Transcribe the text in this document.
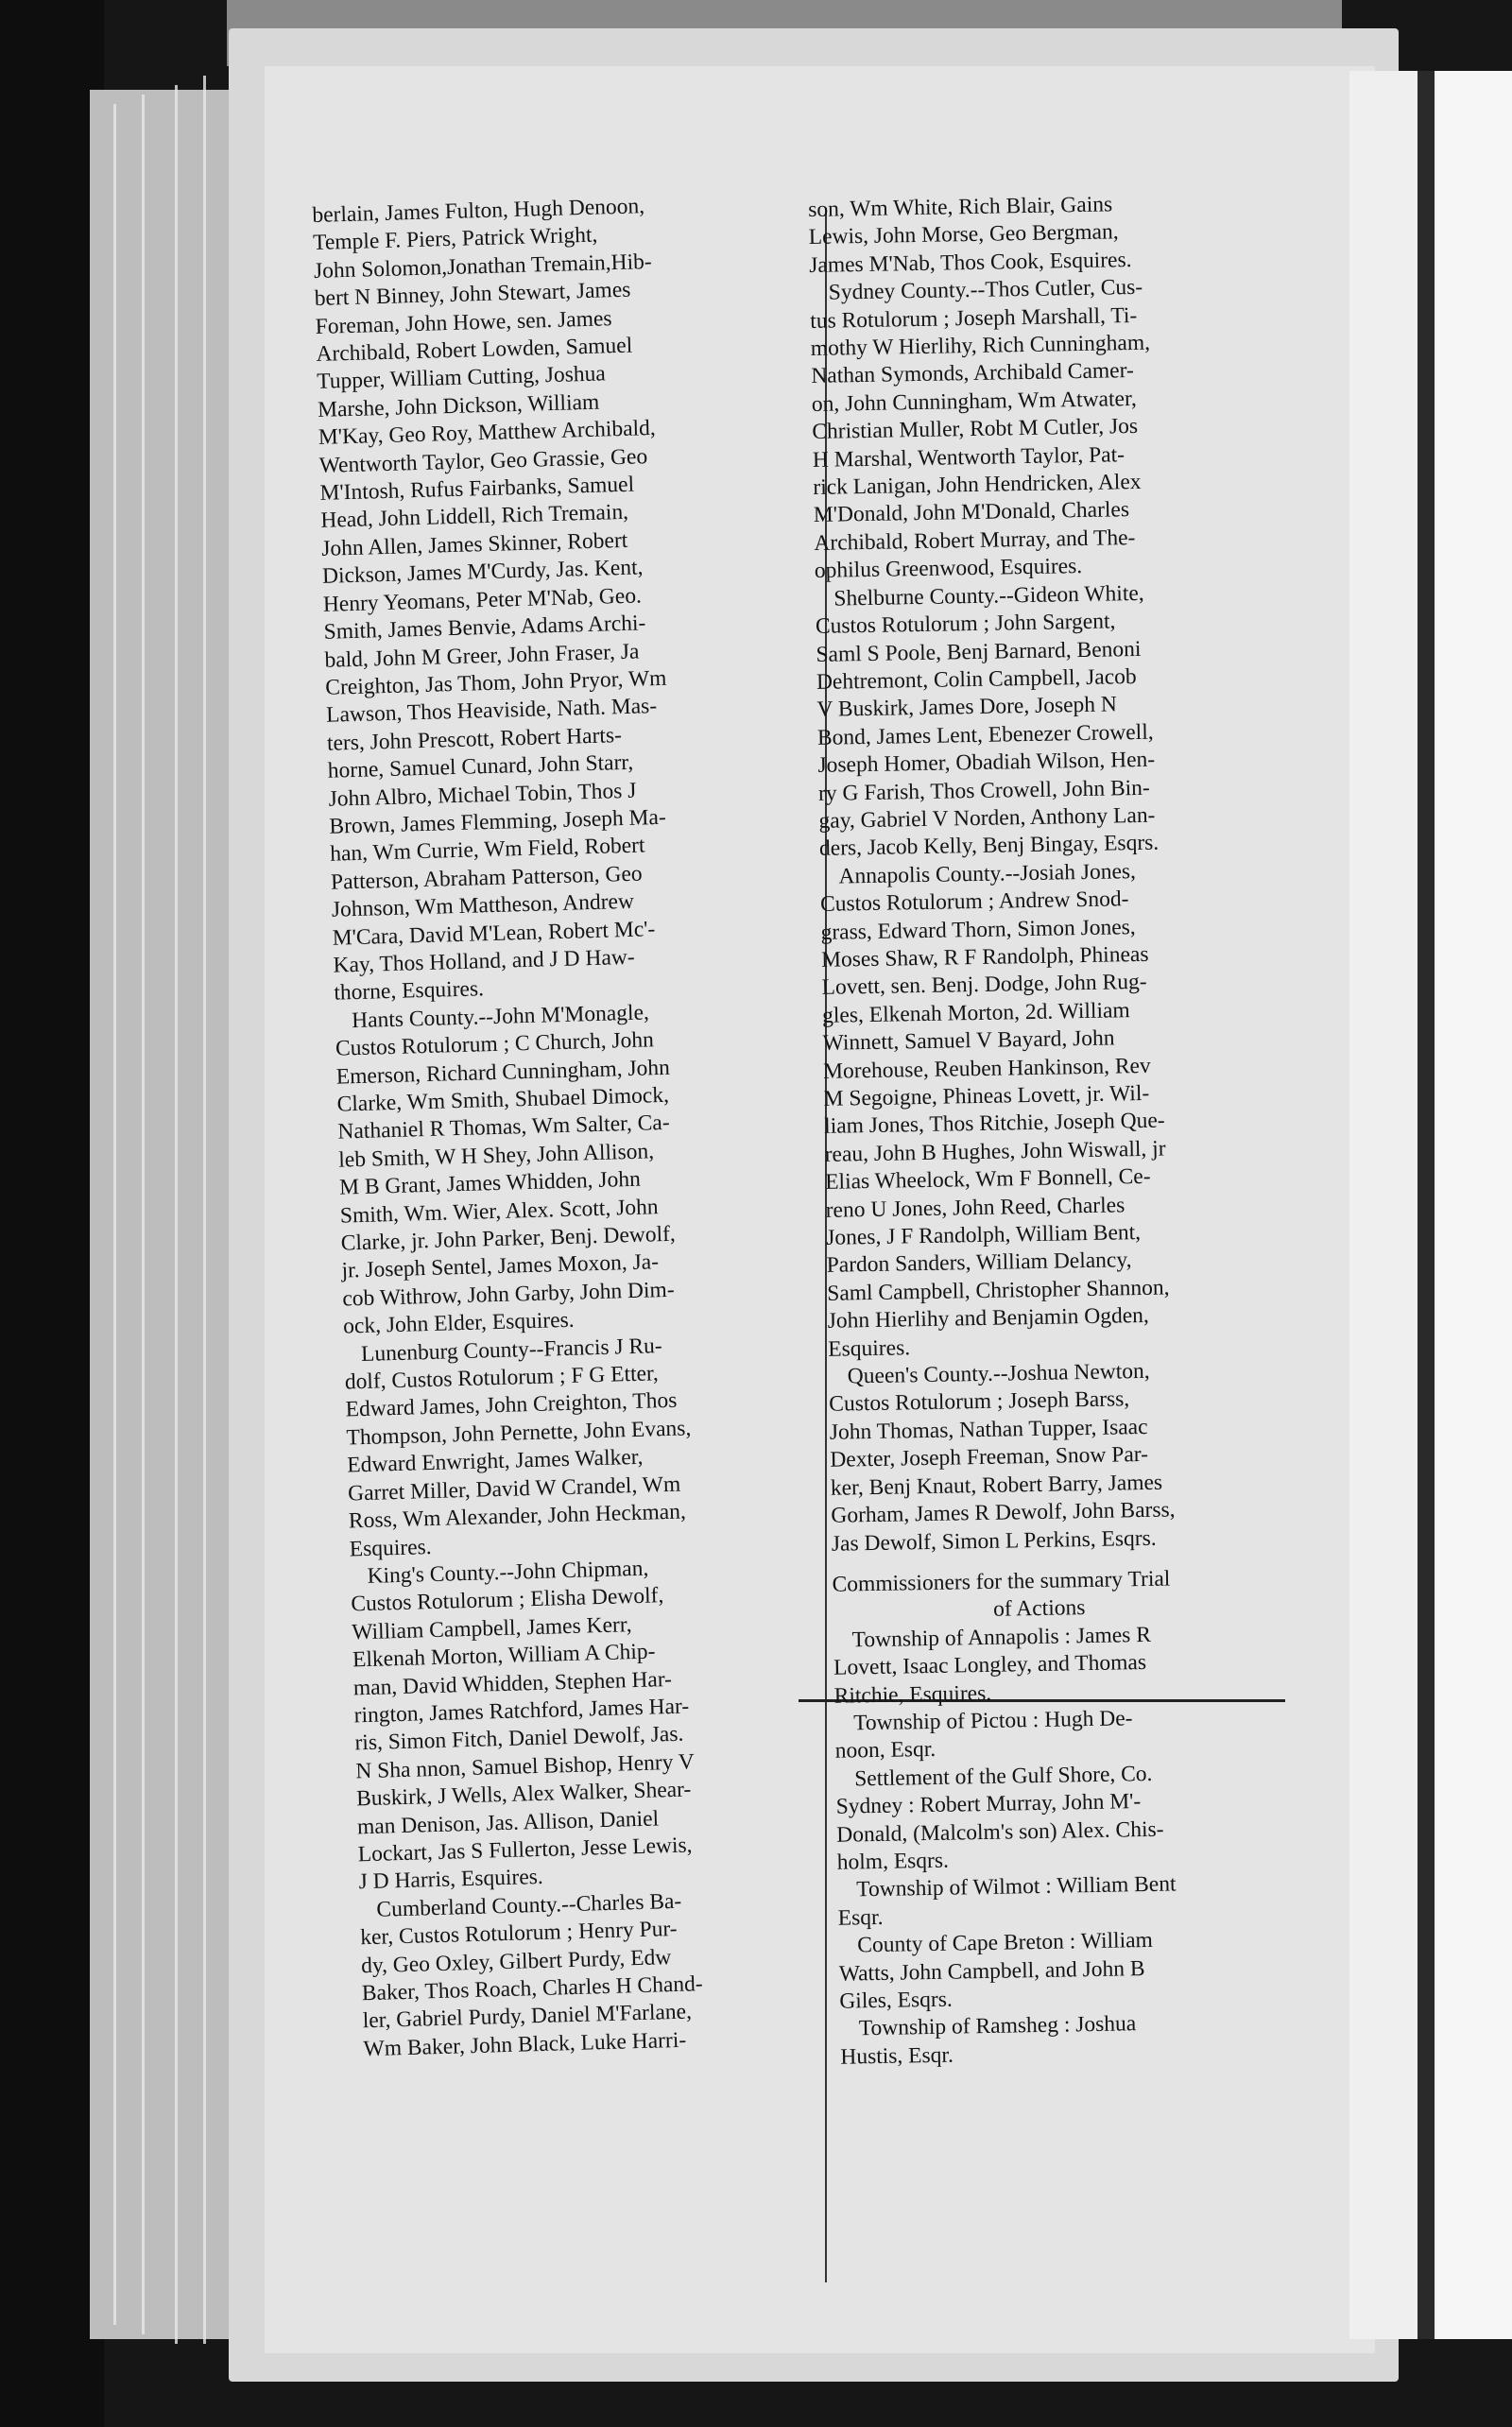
berlain, James Fulton, Hugh Denoon,
Temple F. Piers, Patrick Wright,
John Solomon,Jonathan Tremain,Hib-
bert N Binney, John Stewart, James
Foreman, John Howe, sen. James
Archibald, Robert Lowden, Samuel
Tupper, William Cutting, Joshua
Marshe, John Dickson, William
M'Kay, Geo Roy, Matthew Archibald,
Wentworth Taylor, Geo Grassie, Geo
M'Intosh, Rufus Fairbanks, Samuel
Head, John Liddell, Rich Tremain,
John Allen, James Skinner, Robert
Dickson, James M'Curdy, Jas. Kent,
Henry Yeomans, Peter M'Nab, Geo.
Smith, James Benvie, Adams Archi-
bald, John M Greer, John Fraser, Ja
Creighton, Jas Thom, John Pryor, Wm
Lawson, Thos Heaviside, Nath. Mas-
ters, John Prescott, Robert Harts-
horne, Samuel Cunard, John Starr,
John Albro, Michael Tobin, Thos J
Brown, James Flemming, Joseph Ma-
han, Wm Currie, Wm Field, Robert
Patterson, Abraham Patterson, Geo
Johnson, Wm Mattheson, Andrew
M'Cara, David M'Lean, Robert Mc'-
Kay, Thos Holland, and J D Haw-
thorne, Esquires.
Hants County.--John M'Monagle,
Custos Rotulorum ; C Church, John
Emerson, Richard Cunningham, John
Clarke, Wm Smith, Shubael Dimock,
Nathaniel R Thomas, Wm Salter, Ca-
leb Smith, W H Shey, John Allison,
M B Grant, James Whidden, John
Smith, Wm. Wier, Alex. Scott, John
Clarke, jr. John Parker, Benj. Dewolf,
jr. Joseph Sentel, James Moxon, Ja-
cob Withrow, John Garby, John Dim-
ock, John Elder, Esquires.
Lunenburg County--Francis J Ru-
dolf, Custos Rotulorum ; F G Etter,
Edward James, John Creighton, Thos
Thompson, John Pernette, John Evans,
Edward Enwright, James Walker,
Garret Miller, David W Crandel, Wm
Ross, Wm Alexander, John Heckman,
Esquires.
King's County.--John Chipman,
Custos Rotulorum ; Elisha Dewolf,
William Campbell, James Kerr,
Elkenah Morton, William A Chip-
man, David Whidden, Stephen Har-
rington, James Ratchford, James Har-
ris, Simon Fitch, Daniel Dewolf, Jas.
N Sha nnon, Samuel Bishop, Henry V
Buskirk, J Wells, Alex Walker, Shear-
man Denison, Jas. Allison, Daniel
Lockart, Jas S Fullerton, Jesse Lewis,
J D Harris, Esquires.
Cumberland County.--Charles Ba-
ker, Custos Rotulorum ; Henry Pur-
dy, Geo Oxley, Gilbert Purdy, Edw
Baker, Thos Roach, Charles H Chand-
ler, Gabriel Purdy, Daniel M'Farlane,
Wm Baker, John Black, Luke Harri-
son, Wm White, Rich Blair, Gains
Lewis, John Morse, Geo Bergman,
James M'Nab, Thos Cook, Esquires.
Sydney County.--Thos Cutler, Cus-
tus Rotulorum ; Joseph Marshall, Ti-
mothy W Hierlihy, Rich Cunningham,
Nathan Symonds, Archibald Camer-
on, John Cunningham, Wm Atwater,
Christian Muller, Robt M Cutler, Jos
H Marshal, Wentworth Taylor, Pat-
rick Lanigan, John Hendricken, Alex
M'Donald, John M'Donald, Charles
Archibald, Robert Murray, and The-
ophilus Greenwood, Esquires.
Shelburne County.--Gideon White,
Custos Rotulorum ; John Sargent,
Saml S Poole, Benj Barnard, Benoni
Dehtremont, Colin Campbell, Jacob
V Buskirk, James Dore, Joseph N
Bond, James Lent, Ebenezer Crowell,
Joseph Homer, Obadiah Wilson, Hen-
ry G Farish, Thos Crowell, John Bin-
gay, Gabriel V Norden, Anthony Lan-
ders, Jacob Kelly, Benj Bingay, Esqrs.
Annapolis County.--Josiah Jones,
Custos Rotulorum ; Andrew Snod-
grass, Edward Thorn, Simon Jones,
Moses Shaw, R F Randolph, Phineas
Lovett, sen. Benj. Dodge, John Rug-
gles, Elkenah Morton, 2d. William
Winnett, Samuel V Bayard, John
Morehouse, Reuben Hankinson, Rev
M Segoigne, Phineas Lovett, jr. Wil-
liam Jones, Thos Ritchie, Joseph Que-
reau, John B Hughes, John Wiswall, jr
Elias Wheelock, Wm F Bonnell, Ce-
reno U Jones, John Reed, Charles
Jones, J F Randolph, William Bent,
Pardon Sanders, William Delancy,
Saml Campbell, Christopher Shannon,
John Hierlihy and Benjamin Ogden,
Esquires.
Queen's County.--Joshua Newton,
Custos Rotulorum ; Joseph Barss,
John Thomas, Nathan Tupper, Isaac
Dexter, Joseph Freeman, Snow Par-
ker, Benj Knaut, Robert Barry, James
Gorham, James R Dewolf, John Barss,
Jas Dewolf, Simon L Perkins, Esqrs.
Commissioners for the summary Trial
of Actions
Township of Annapolis : James R
Lovett, Isaac Longley, and Thomas
Ritchie, Esquires.
Township of Pictou : Hugh De-
noon, Esqr.
Settlement of the Gulf Shore, Co.
Sydney : Robert Murray, John M'-
Donald, (Malcolm's son) Alex. Chis-
holm, Esqrs.
Township of Wilmot : William Bent
Esqr.
County of Cape Breton : William
Watts, John Campbell, and John B
Giles, Esqrs.
Township of Ramsheg : Joshua
Hustis, Esqr.
